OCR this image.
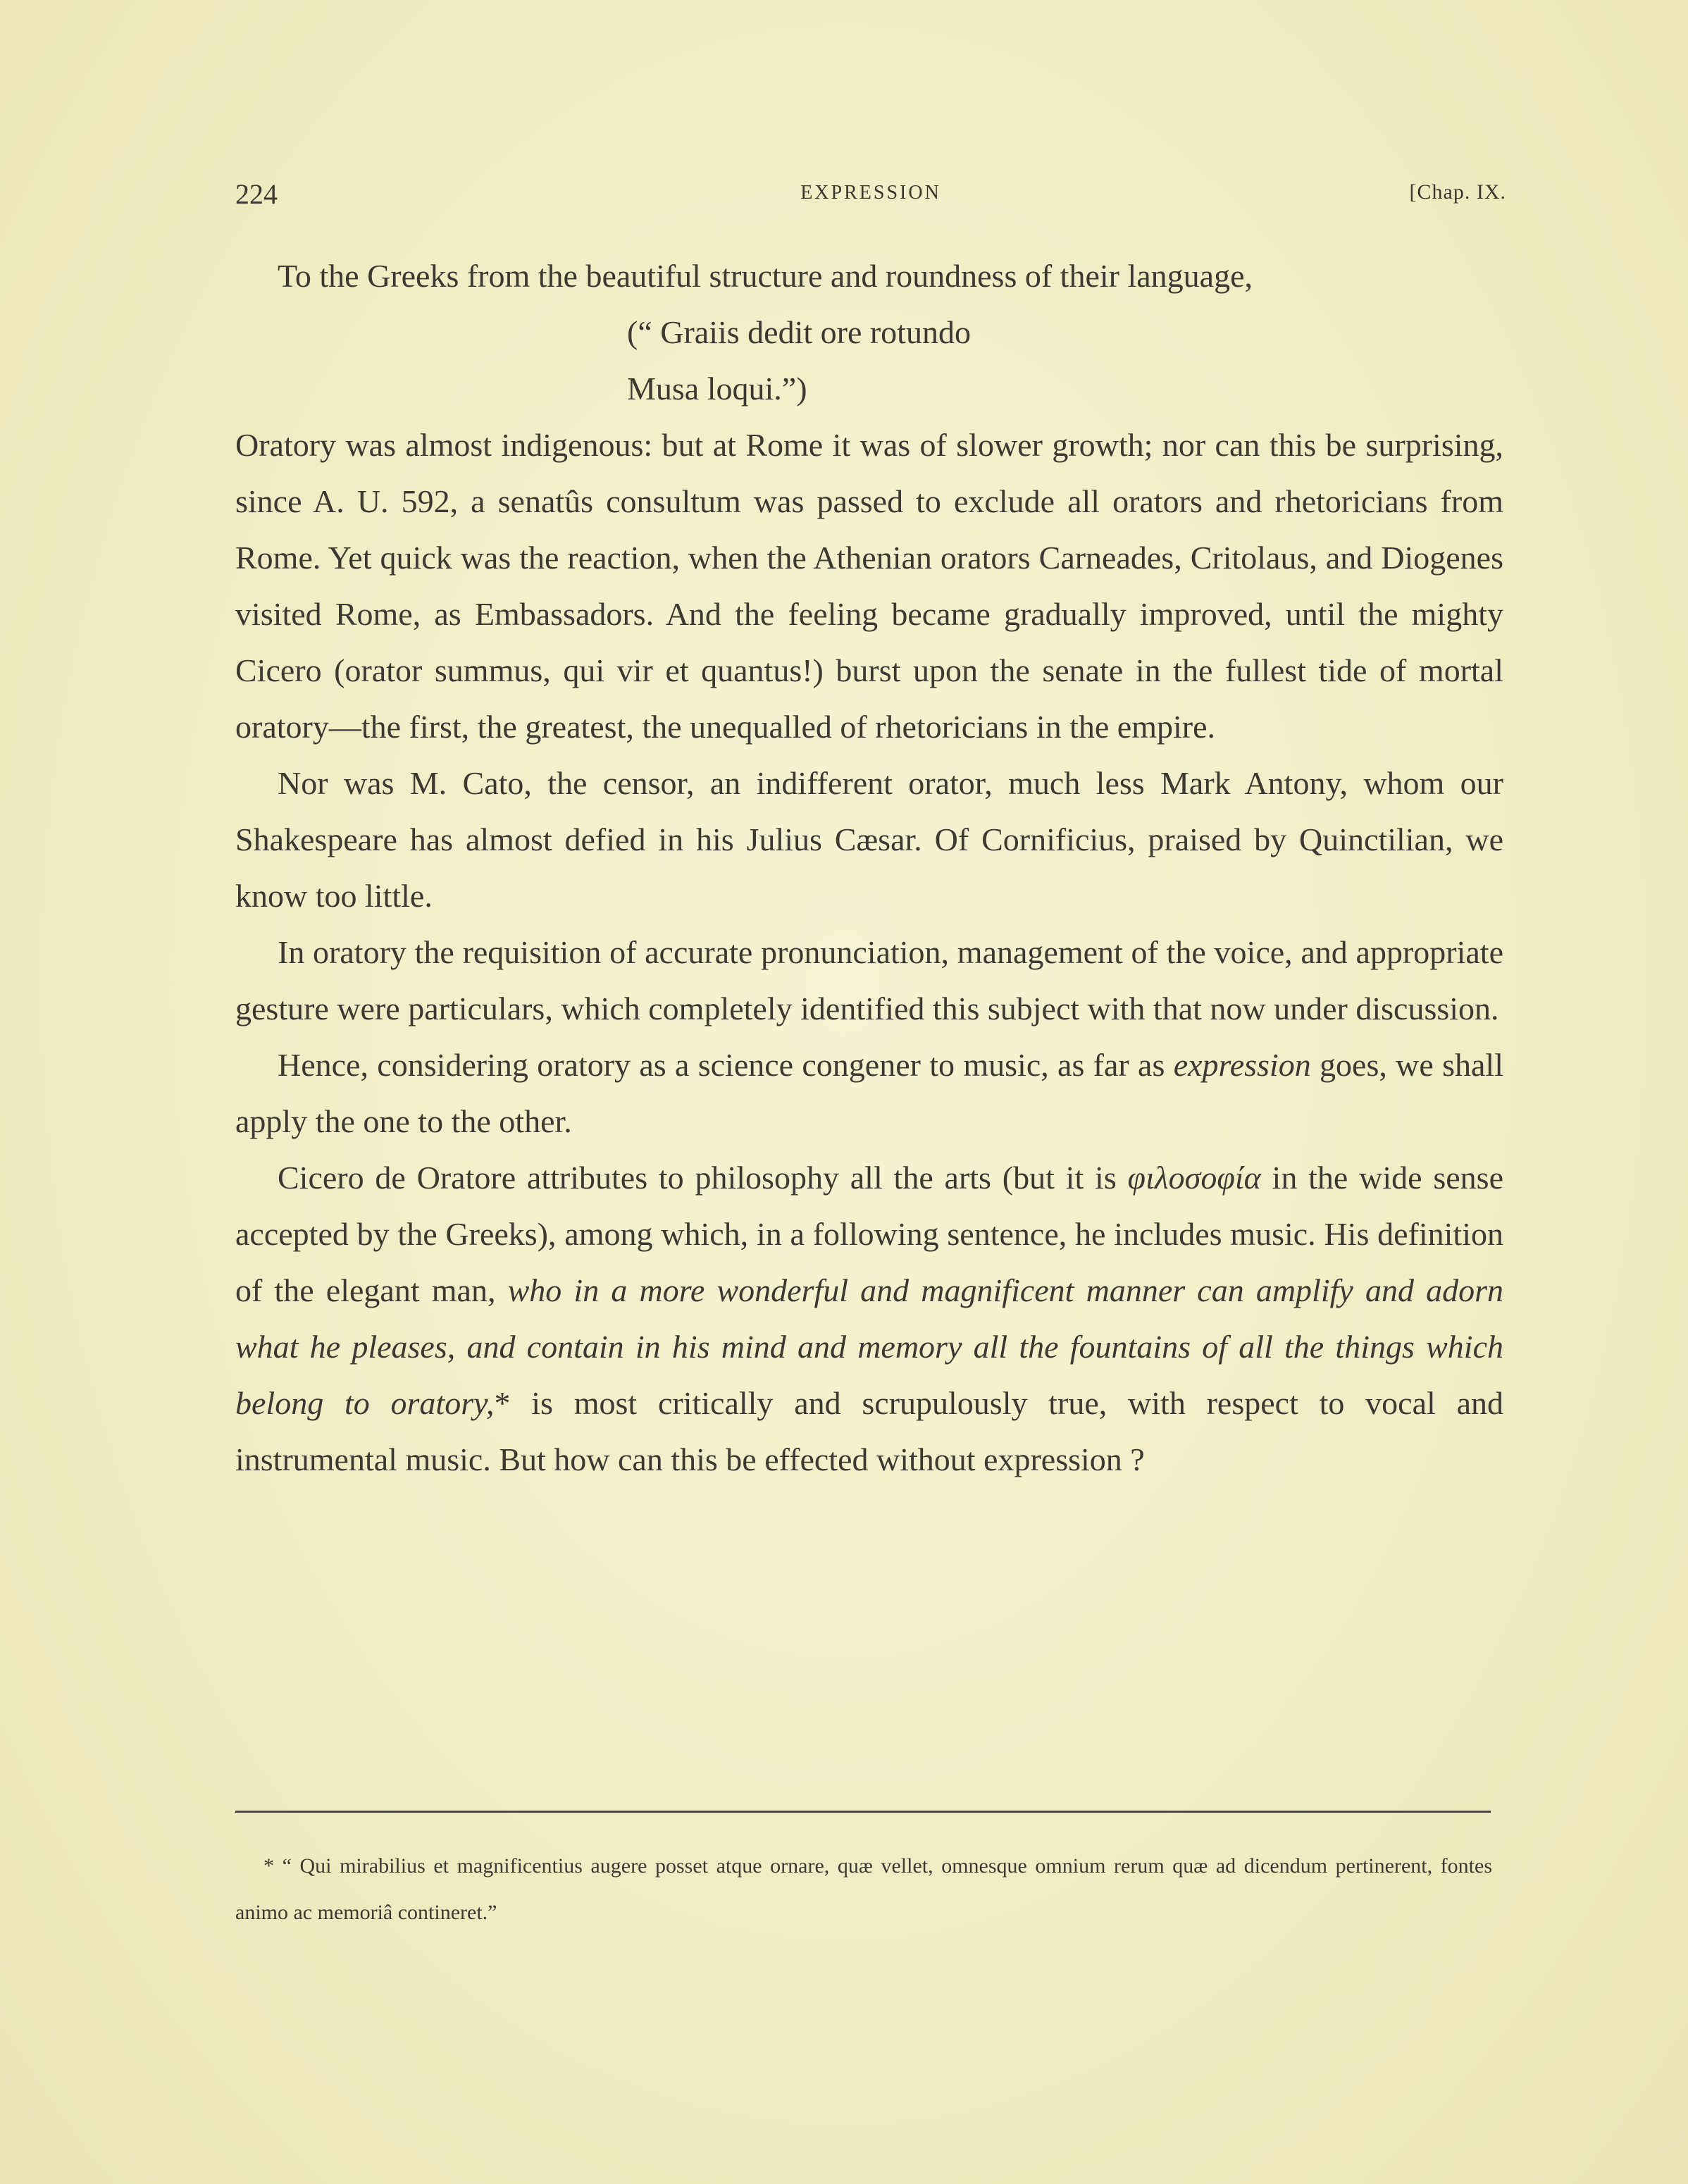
224	EXPRESSION	[Chap. IX.

To the Greeks from the beautiful structure and roundness of their language,

(“ Graiis dedit ore rotundo

Musa loqui.”)

Oratory was almost indigenous: but at Rome it was of slower growth; nor can this be surprising, since A. U. 592, a senatûs consultum was passed to exclude all orators and rhetoricians from Rome. Yet quick was the reaction, when the Athenian orators Carneades, Critolaus, and Diogenes visited Rome, as Embassadors. And the feeling became gradually improved, until the mighty Cicero (orator summus, qui vir et quantus!) burst upon the senate in the fullest tide of mortal oratory—the first, the greatest, the unequalled of rhetoricians in the empire.

Nor was M. Cato, the censor, an indifferent orator, much less Mark Antony, whom our Shakespeare has almost defied in his Julius Cæsar. Of Cornificius, praised by Quinctilian, we know too little.

In oratory the requisition of accurate pronunciation, management of the voice, and appropriate gesture were particulars, which completely identified this subject with that now under discussion.

Hence, considering oratory as a science congener to music, as far as expression goes, we shall apply the one to the other.

Cicero de Oratore attributes to philosophy all the arts (but it is φιλοσοφία in the wide sense accepted by the Greeks), among which, in a following sentence, he includes music. His definition of the elegant man, who in a more wonderful and magnificent manner can amplify and adorn what he pleases, and contain in his mind and memory all the fountains of all the things which belong to oratory,* is most critically and scrupulously true, with respect to vocal and instrumental music. But how can this be effected without expression ?

* “ Qui mirabilius et magnificentius augere posset atque ornare, quæ vellet, omnesque omnium rerum quæ ad dicendum pertinerent, fontes animo ac memoriâ contineret.”
